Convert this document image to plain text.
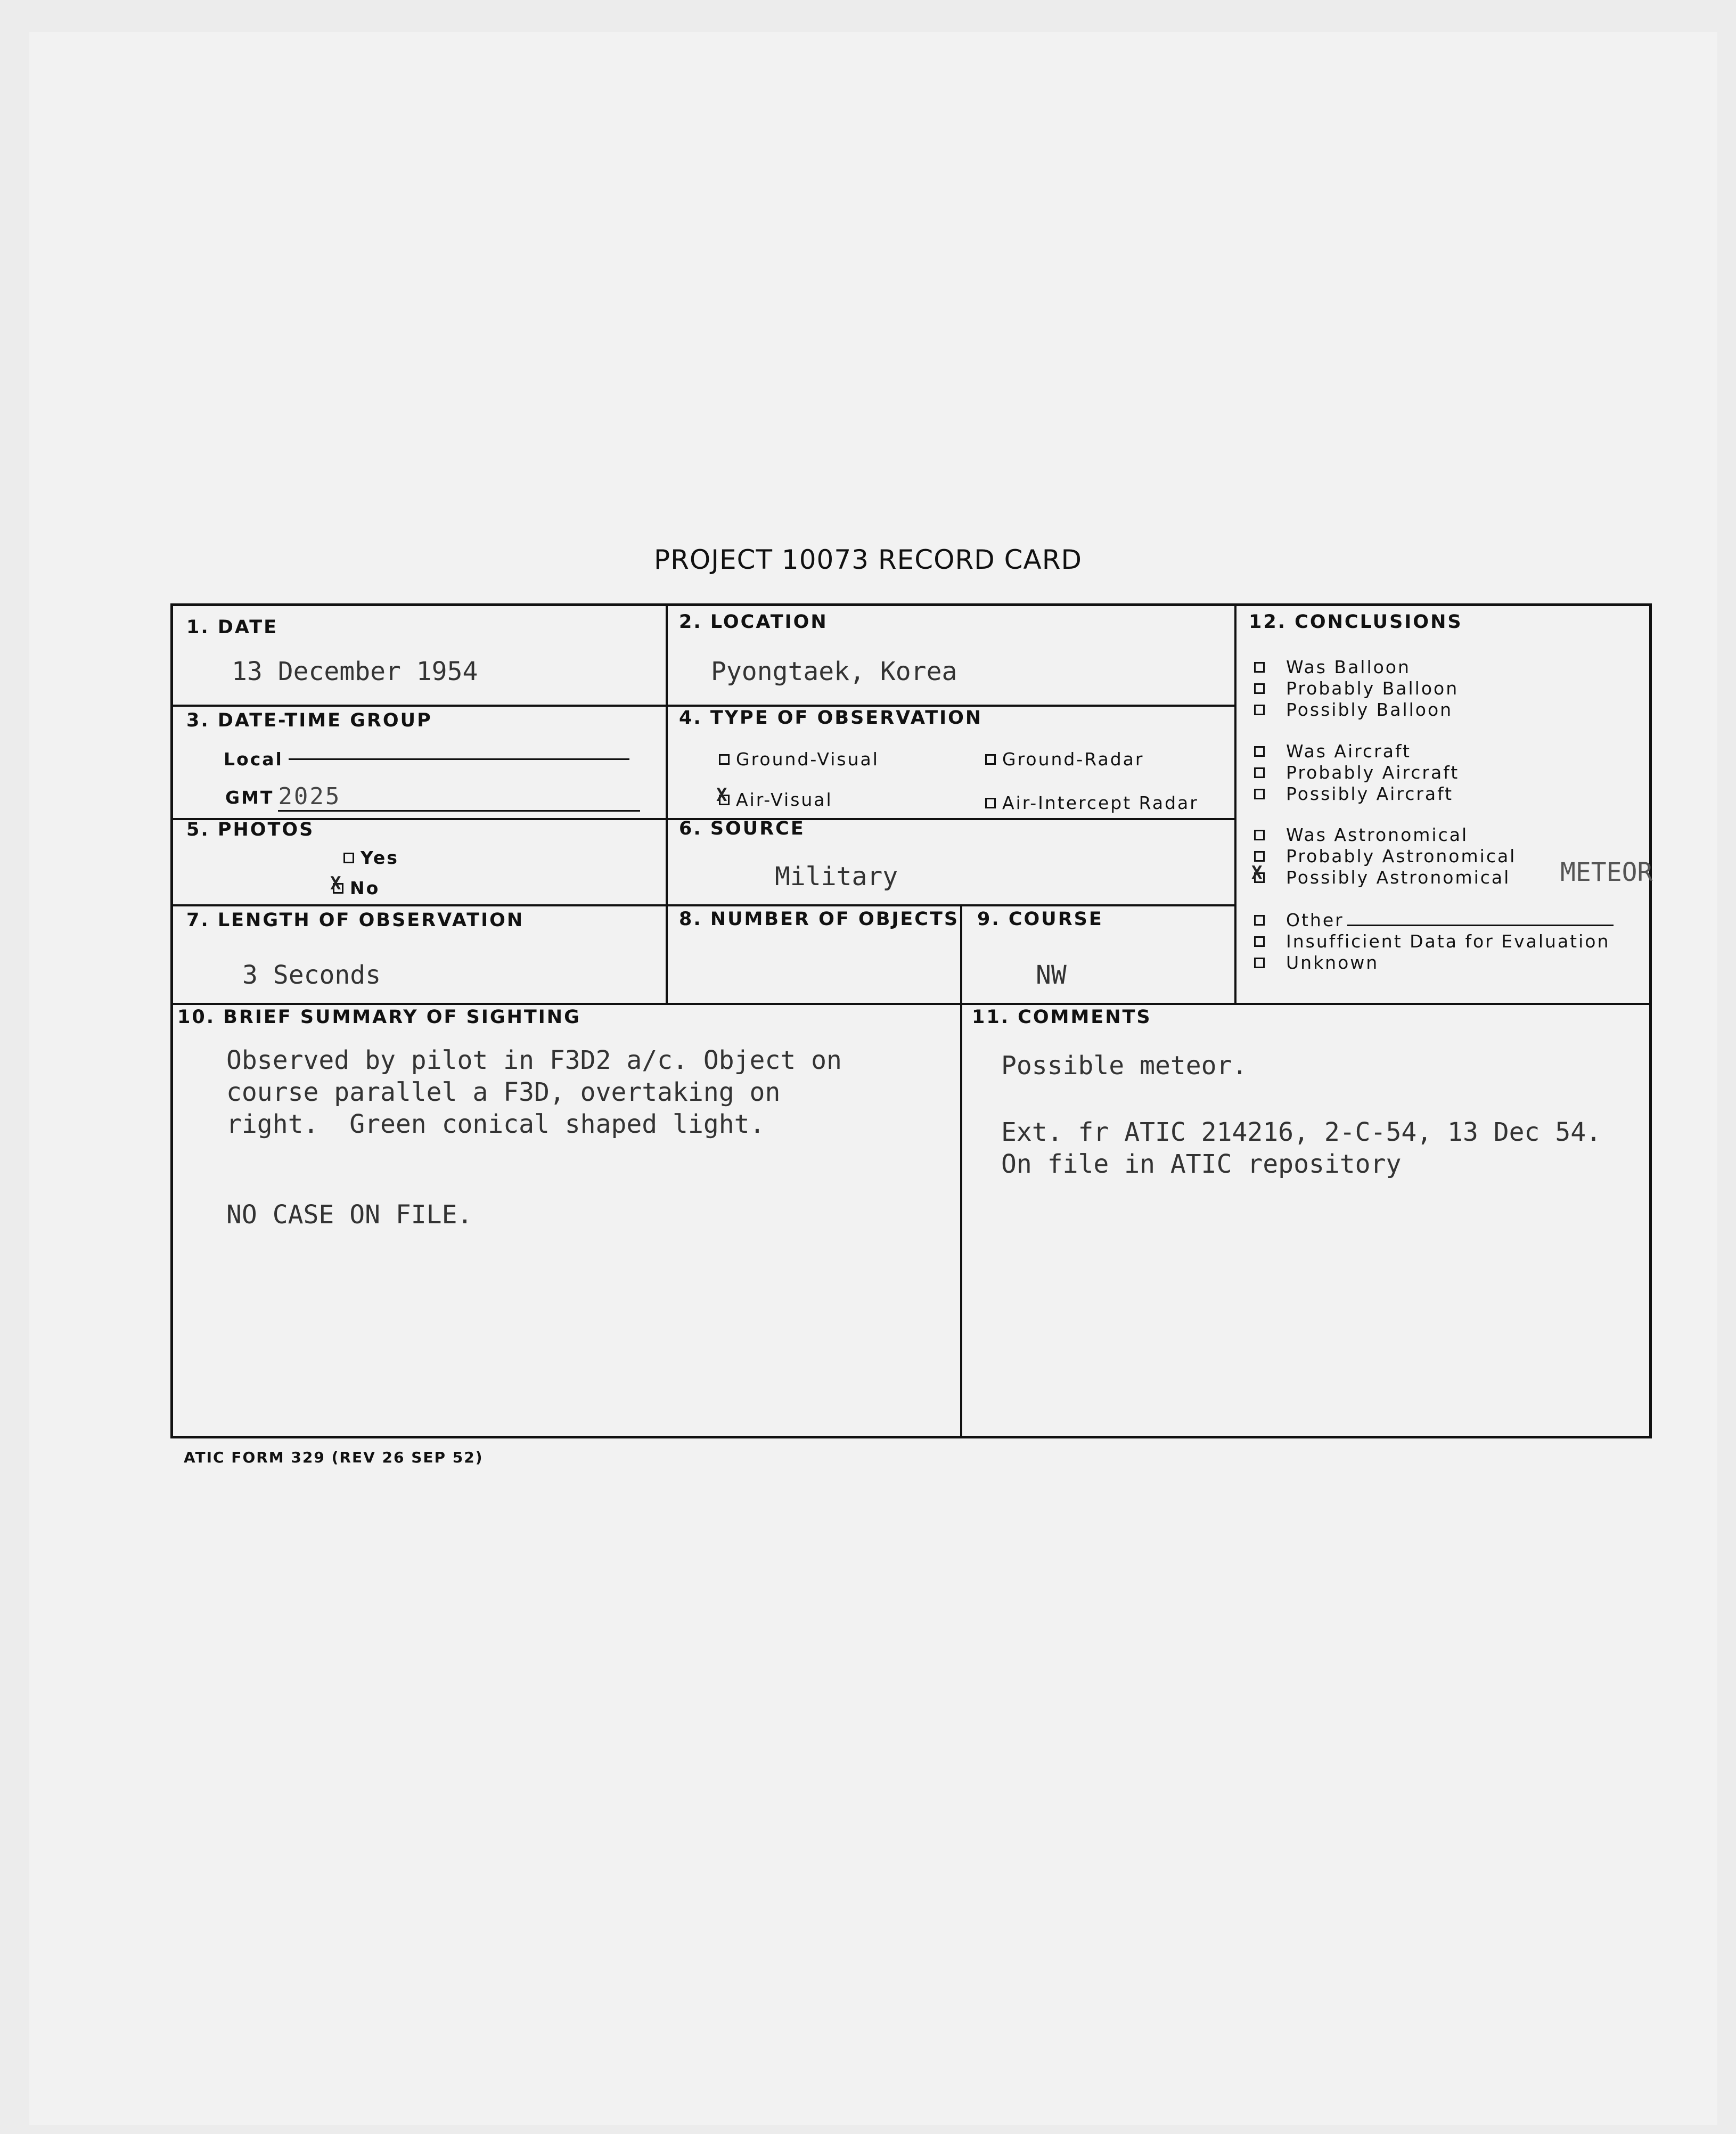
PROJECT 10073 RECORD CARD
1. DATE
13 December 1954
2. LOCATION
Pyongtaek, Korea
3. DATE-TIME GROUP
Local
GMT 2025
4. TYPE OF OBSERVATION
Ground-Visual	Ground-Radar
X
Air-Visual	Air-Intercept Radar
5. PHOTOS
Yes
X
No
6. SOURCE
Military
7. LENGTH OF OBSERVATION
3 Seconds
8. NUMBER OF OBJECTS 9. COURSE
NW
12. CONCLUSIONS
Was Balloon
Probably Balloon
Possibly Balloon
Was Aircraft
Probably Aircraft
Possibly Aircraft
Was Astronomical
Probably Astronomical
X
Possibly Astronomical
Other
Insufficient Data for Evaluation
Unknown
METEOR
10. BRIEF SUMMARY OF SIGHTING
Observed by pilot in F3D2 a/c. Object on
course parallel a F3D, overtaking on
right.  Green conical shaped light.
NO CASE ON FILE.
11. COMMENTS
Possible meteor.
Ext. fr ATIC 214216, 2-C-54, 13 Dec 54.
On file in ATIC repository
ATIC FORM 329 (REV 26 SEP 52)
